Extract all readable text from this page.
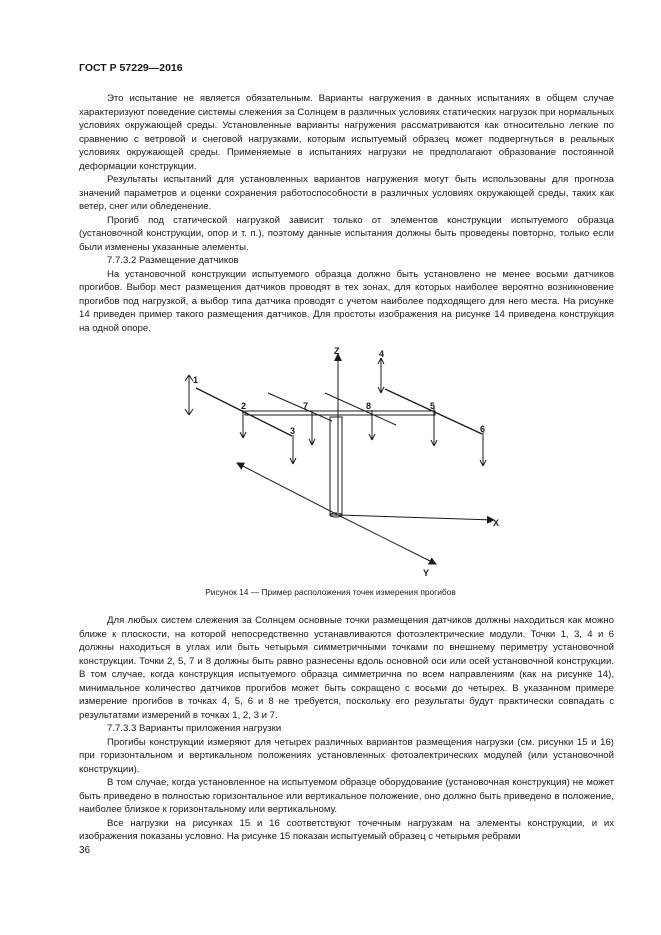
ГОСТ Р 57229—2016

Это испытание не является обязательным. Варианты нагружения в данных испытаниях в общем случае характеризуют поведение системы слежения за Солнцем в различных условиях статических нагрузок при нормальных условиях окружающей среды. Установленные варианты нагружения рассматриваются как относительно легкие по сравнению с ветровой и снеговой нагрузками, которым испытуемый образец может подвергнуться в реальных условиях окружающей среды. Применяемые в испытаниях нагрузки не предполагают образование постоянной деформации конструкции.

Результаты испытаний для установленных вариантов нагружения могут быть использованы для прогноза значений параметров и оценки сохранения работоспособности в различных условиях окружающей среды, таких как ветер, снег или обледенение.

Прогиб под статической нагрузкой зависит только от элементов конструкции испытуемого образца (установочной конструкции, опор и т. п.), поэтому данные испытания должны быть проведены повторно, только если были изменены указанные элементы.

7.7.3.2 Размещение датчиков

На установочной конструкции испытуемого образца должно быть установлено не менее восьми датчиков прогибов. Выбор мест размещения датчиков проводят в тех зонах, для которых наиболее вероятно возникновение прогибов под нагрузкой, а выбор типа датчика проводят с учетом наиболее подходящего для него места. На рисунке 14 приведен пример такого размещения датчиков. Для простоты изображения на рисунке 14 приведена конструкция на одной опоре.

Z
X
Y
1
2
3
4
5
6
7	8
Рисунок 14 — Пример расположения точек измерения прогибов

Для любых систем слежения за Солнцем основные точки размещения датчиков должны находиться как можно ближе к плоскости, на которой непосредственно устанавливаются фотоэлектрические модули. Точки 1, 3, 4 и 6 должны находиться в углах или быть четырьмя симметричными точками по внешнему периметру установочной конструкции. Точки 2, 5, 7 и 8 должны быть равно разнесены вдоль основной оси или осей установочной конструкции. В том случае, когда конструкция испытуемого образца симметрична по всем направлениям (как на рисунке 14), минимальное количество датчиков прогибов может быть сокращено с восьми до четырех. В указанном примере измерение прогибов в точках 4, 5, 6 и 8 не требуется, поскольку его результаты будут практически совпадать с результатами измерений в точках 1, 2, 3 и 7.

7.7.3.3 Варианты приложения нагрузки

Прогибы конструкции измеряют для четырех различных вариантов размещения нагрузки (см. рисунки 15 и 16) при горизонтальном и вертикальном положениях установленных фотоэлектрических модулей (или установочной конструкции).

В том случае, когда установленное на испытуемом образце оборудование (установочная конструкция) не может быть приведено в полностью горизонтальное или вертикальное положение, оно должно быть приведено в положение, наиболее близкое к горизонтальному или вертикальному.

Все нагрузки на рисунках 15 и 16 соответствуют точечным нагрузкам на элементы конструкции, и их изображения показаны условно. На рисунке 15 показан испытуемый образец с четырьмя ребрами

36
